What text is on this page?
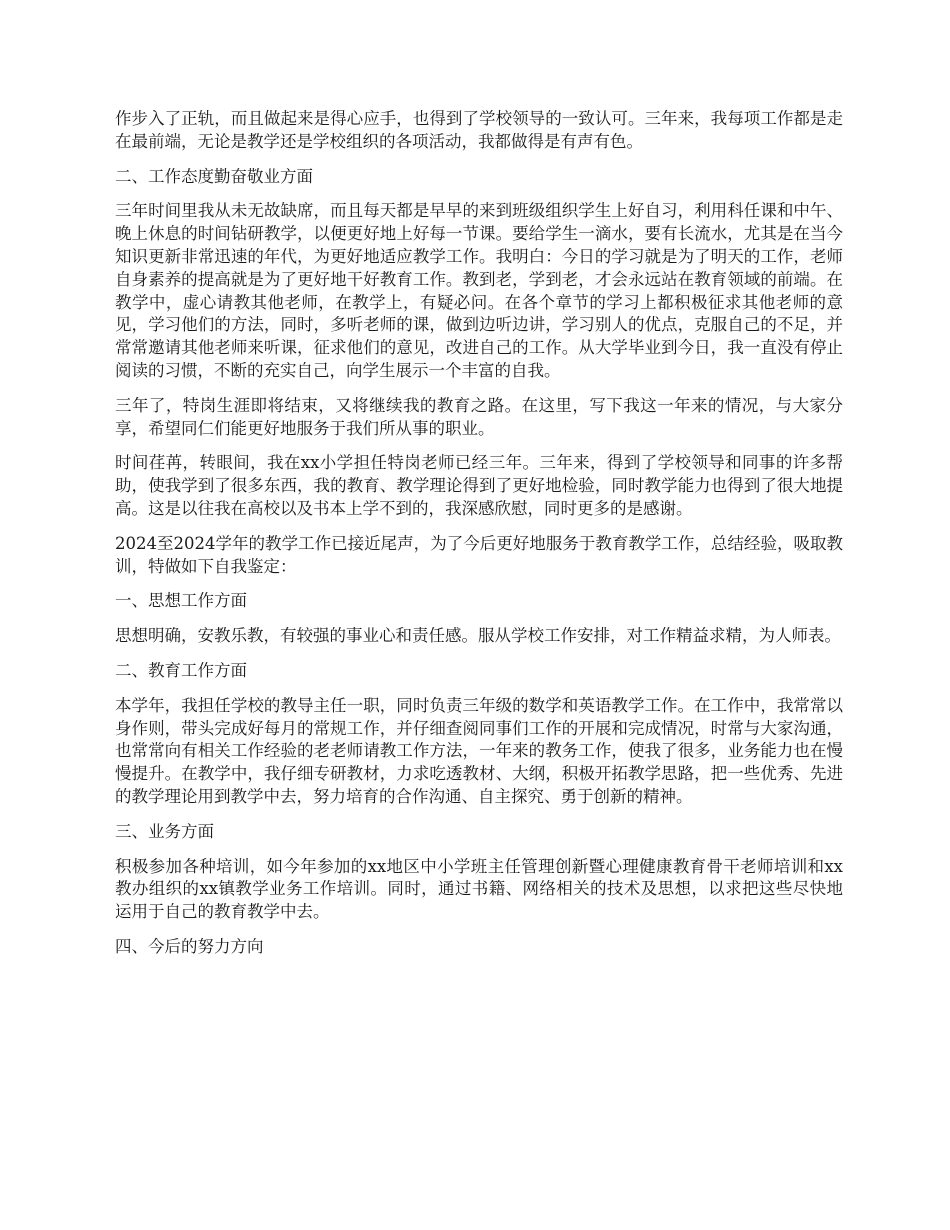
作步入了正轨，而且做起来是得心应手，也得到了学校领导的一致认可。三年来，我每项工作都是走在最前端，无论是教学还是学校组织的各项活动，我都做得是有声有色。

二、工作态度勤奋敬业方面

三年时间里我从未无故缺席，而且每天都是早早的来到班级组织学生上好自习，利用科任课和中午、晚上休息的时间钻研教学，以便更好地上好每一节课。要给学生一滴水，要有长流水，尤其是在当今知识更新非常迅速的年代，为更好地适应教学工作。我明白：今日的学习就是为了明天的工作，老师自身素养的提高就是为了更好地干好教育工作。教到老，学到老，才会永远站在教育领域的前端。在教学中，虚心请教其他老师，在教学上，有疑必问。在各个章节的学习上都积极征求其他老师的意见，学习他们的方法，同时，多听老师的课，做到边听边讲，学习别人的优点，克服自己的不足，并常常邀请其他老师来听课，征求他们的意见，改进自己的工作。从大学毕业到今日，我一直没有停止阅读的习惯，不断的充实自己，向学生展示一个丰富的自我。

三年了，特岗生涯即将结束，又将继续我的教育之路。在这里，写下我这一年来的情况，与大家分享，希望同仁们能更好地服务于我们所从事的职业。

时间荏苒，转眼间，我在xx小学担任特岗老师已经三年。三年来，得到了学校领导和同事的许多帮助，使我学到了很多东西，我的教育、教学理论得到了更好地检验，同时教学能力也得到了很大地提高。这是以往我在高校以及书本上学不到的，我深感欣慰，同时更多的是感谢。

2024至2024学年的教学工作已接近尾声，为了今后更好地服务于教育教学工作，总结经验，吸取教训，特做如下自我鉴定：

一、思想工作方面

思想明确，安教乐教，有较强的事业心和责任感。服从学校工作安排，对工作精益求精，为人师表。

二、教育工作方面

本学年，我担任学校的教导主任一职，同时负责三年级的数学和英语教学工作。在工作中，我常常以身作则，带头完成好每月的常规工作，并仔细查阅同事们工作的开展和完成情况，时常与大家沟通，也常常向有相关工作经验的老老师请教工作方法，一年来的教务工作，使我了很多，业务能力也在慢慢提升。在教学中，我仔细专研教材，力求吃透教材、大纲，积极开拓教学思路，把一些优秀、先进的教学理论用到教学中去，努力培育的合作沟通、自主探究、勇于创新的精神。

三、业务方面

积极参加各种培训，如今年参加的xx地区中小学班主任管理创新暨心理健康教育骨干老师培训和xx教办组织的xx镇教学业务工作培训。同时，通过书籍、网络相关的技术及思想，以求把这些尽快地运用于自己的教育教学中去。

四、今后的努力方向
